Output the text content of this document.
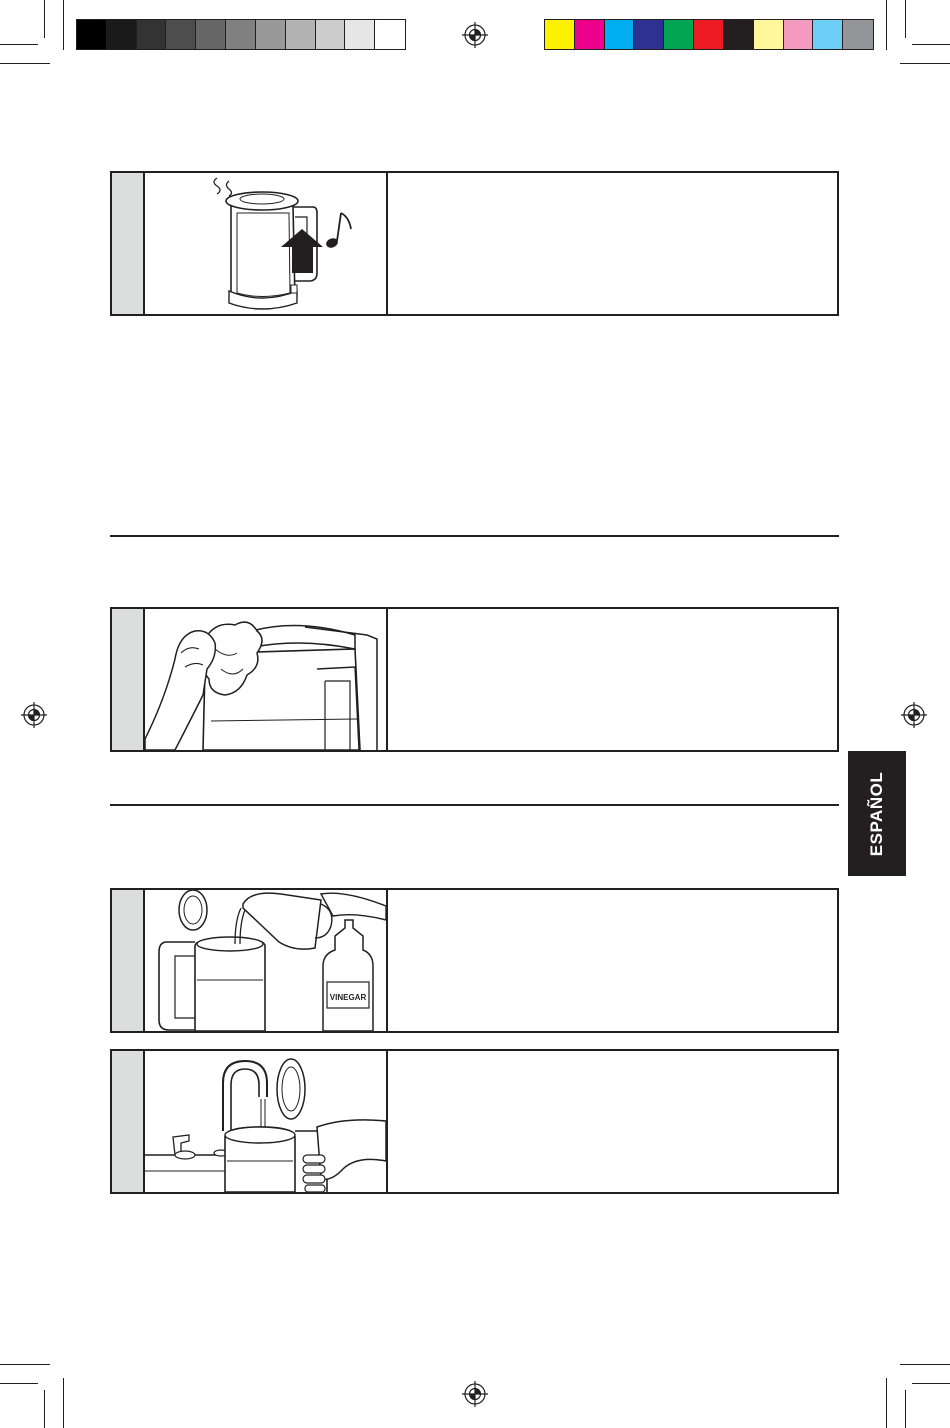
VINEGAR
ESPAÑOL
